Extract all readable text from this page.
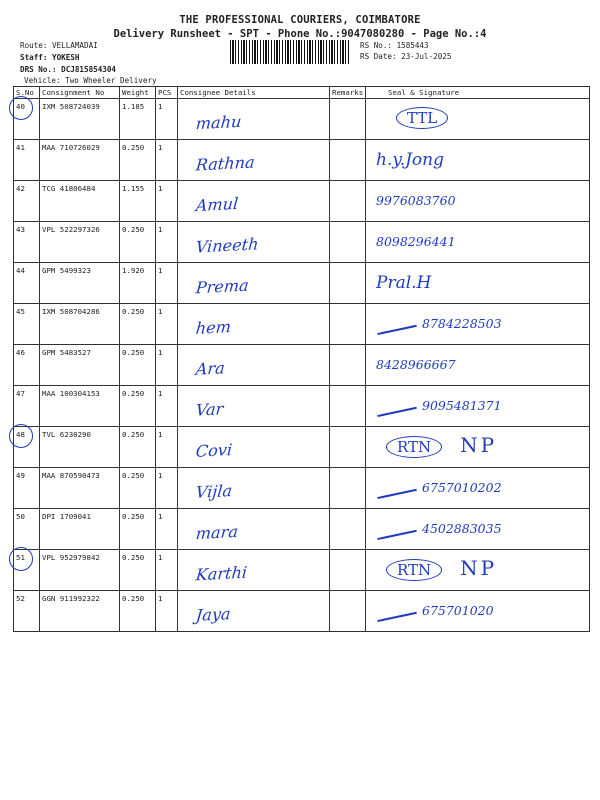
THE PROFESSIONAL COURIERS, COIMBATORE
Delivery Runsheet - SPT - Phone No.:9047080280 - Page No.:4
Route: VELLAMADAI
Staff: YOKESH
DRS No.: DCJ815854304
Vehicle: Two Wheeler Delivery
RS No.: 1585443
RS Date: 23-Jul-2025
S.No	Consignment No	Weight	PCS	Consignee Details	Remarks	Seal & Signature

40	IXM 508724039	1.185	1	mahu		TTL

41	MAA 710726029	0.250	1	Rathna		h.y.Jong

42	TCG 41806484	1.155	1	Amul		9976083760

43	VPL 522297326	0.250	1	Vineeth		8098296441

44	GPM 5499323	1.920	1	Prema		Pral.H

45	IXM 508704286	0.250	1	hem		8784228503

46	GPM 5483527	0.250	1	Ara		8428966667

47	MAA 100304153	0.250	1	Var		9095481371

48	TVL 6230290	0.250	1	Covi		RTN NP

49	MAA 870590473	0.250	1	Vijla		6757010202

50	DPI 1709041	0.250	1	mara		4502883035

51	VPL 952979842	0.250	1	Karthi		RTN NP

52	GGN 911992322	0.250	1	Jaya		675701020
